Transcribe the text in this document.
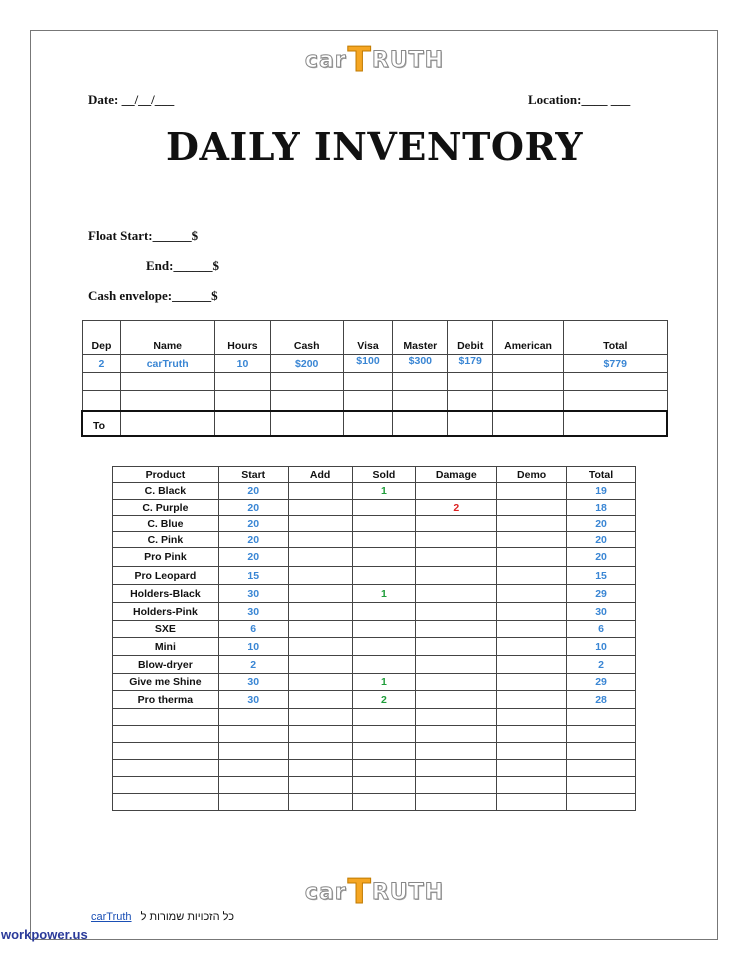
car T RUTH
Date: __/__/___	Location:____ ___
DAILY INVENTORY
Float Start:______$
End:______$
Cash envelope:______$
Dep	Name	Hours	Cash	Visa	Master	Debit	American	Total
2	carTruth	10	$200	$100	$300	$179		$779

To								
Product	Start	Add	Sold	Damage	Demo	Total
C. Black	20		1			19
C. Purple	20			2		18
C. Blue	20					20
C. Pink	20					20
Pro Pink	20					20
Pro Leopard	15					15
Holders-Black	30		1			29
Holders-Pink	30					30
SXE	6					6
Mini	10					10
Blow-dryer	2					2
Give me Shine	30		1			29
Pro therma	30		2			28

car T RUTH
carTruth כל הזכויות שמורות ל
workpower.us
